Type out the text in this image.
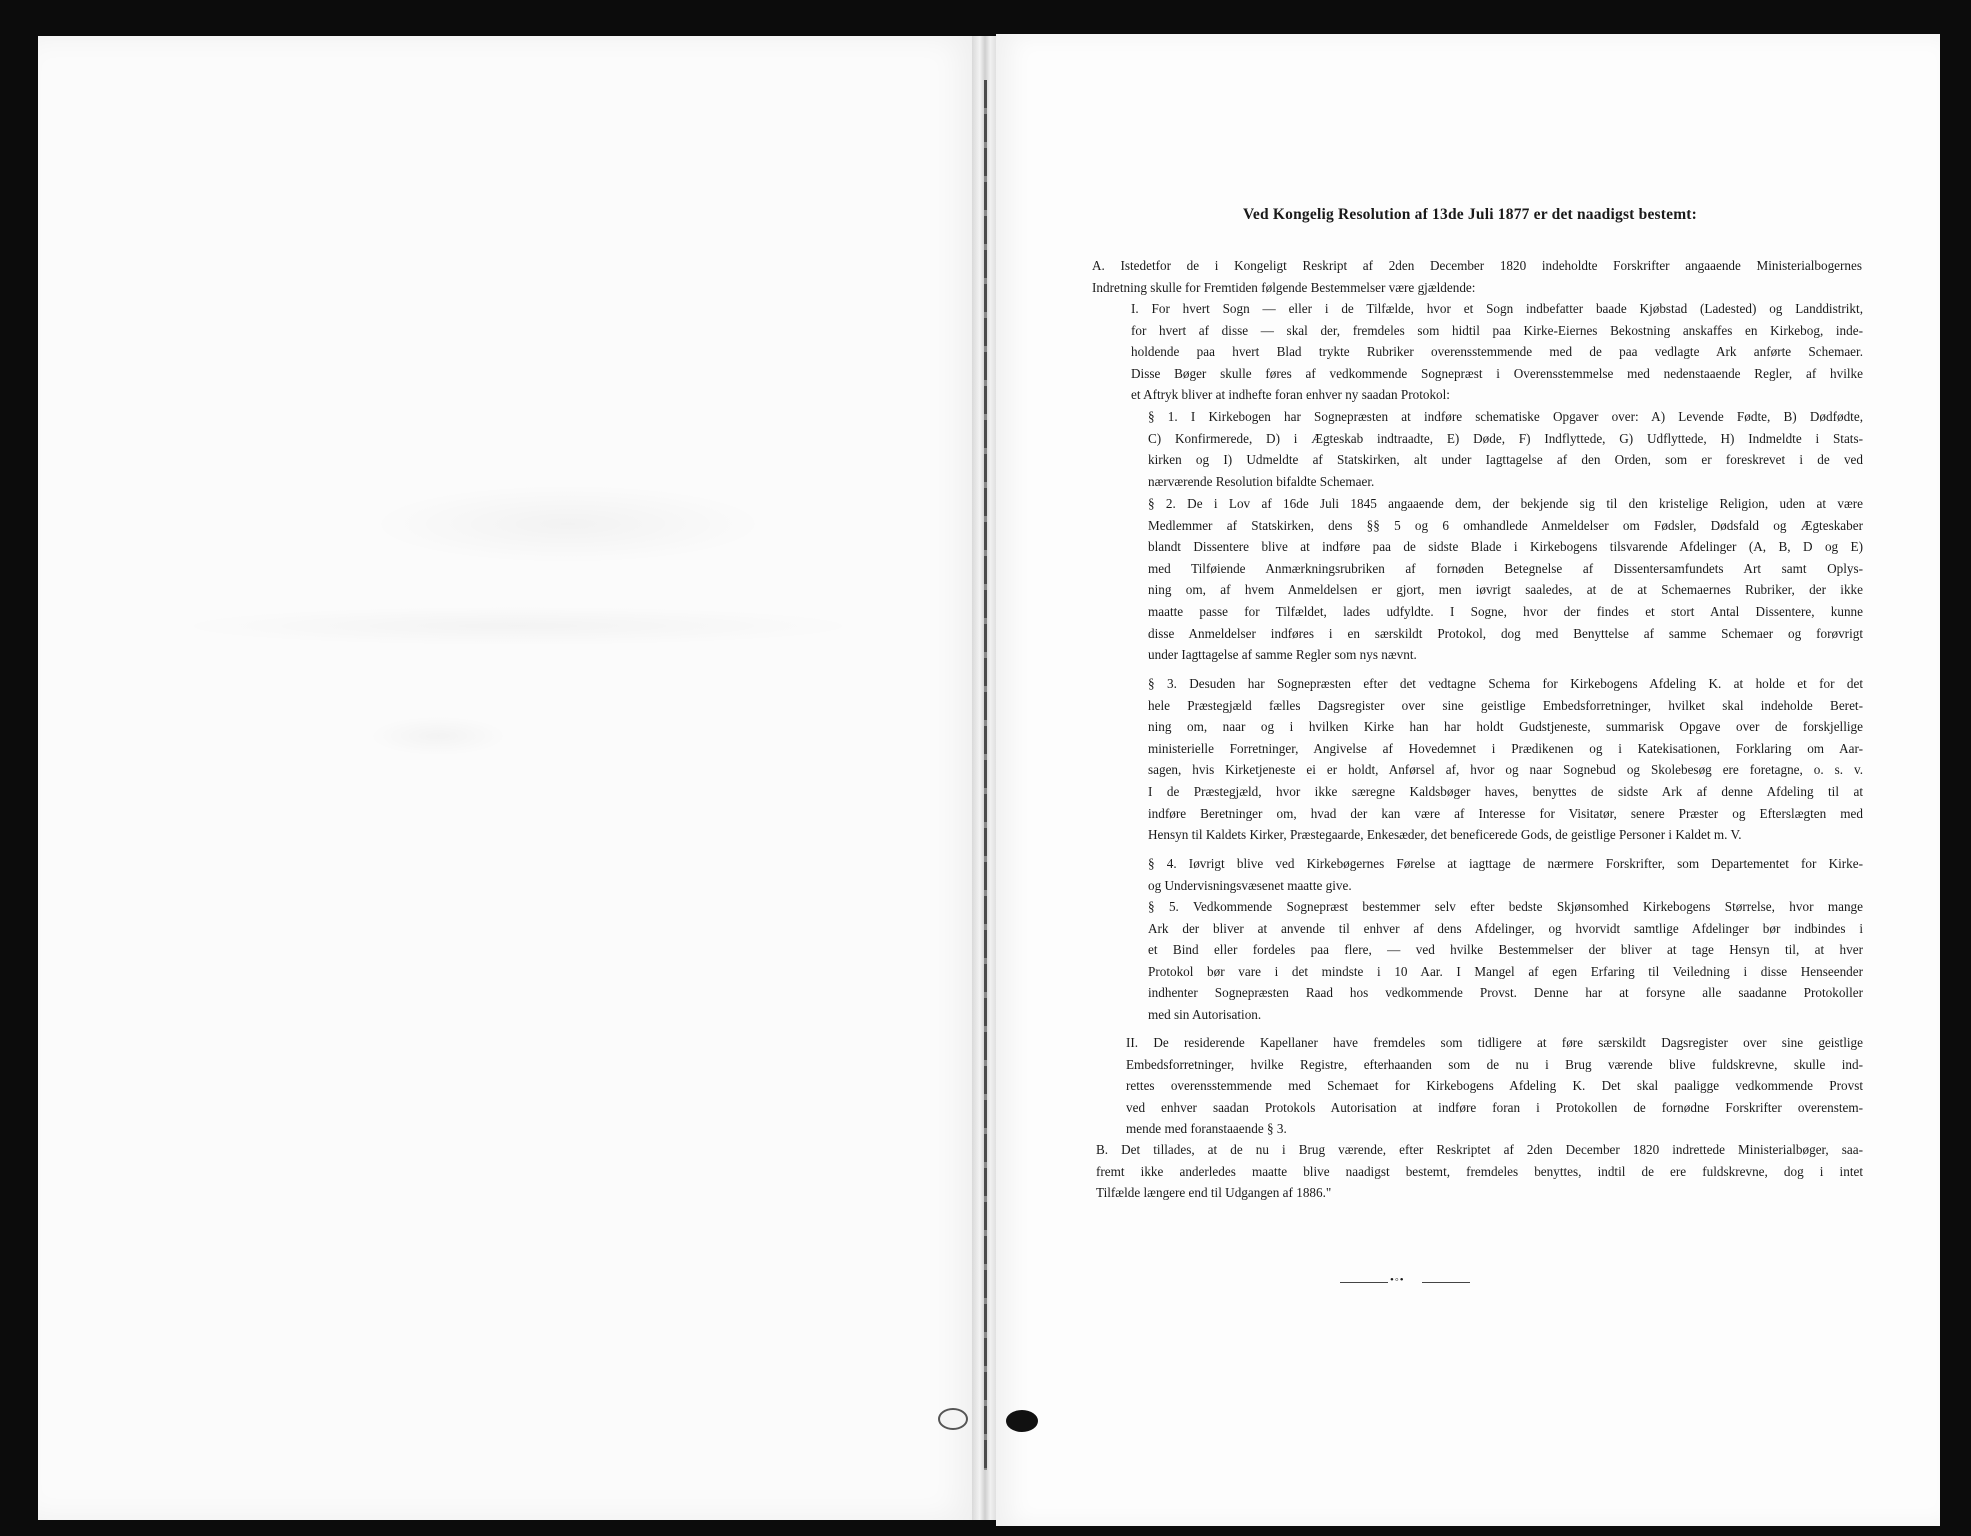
Ved Kongelig Resolution af 13de Juli 1877 er det naadigst bestemt:
A. Istedetfor de i Kongeligt Reskript af 2den December 1820 indeholdte Forskrifter angaaende Ministerialbogernes
Indretning skulle for Fremtiden følgende Bestemmelser være gjældende:
I. For hvert Sogn — eller i de Tilfælde, hvor et Sogn indbefatter baade Kjøbstad (Ladested) og Landdistrikt,
for hvert af disse — skal der, fremdeles som hidtil paa Kirke-Eiernes Bekostning anskaffes en Kirkebog, inde-
holdende paa hvert Blad trykte Rubriker overensstemmende med de paa vedlagte Ark anførte Schemaer.
Disse Bøger skulle føres af vedkommende Sognepræst i Overensstemmelse med nedenstaaende Regler, af hvilke
et Aftryk bliver at indhefte foran enhver ny saadan Protokol:
§ 1. I Kirkebogen har Sognepræsten at indføre schematiske Opgaver over: A) Levende Fødte, B) Dødfødte,
C) Konfirmerede, D) i Ægteskab indtraadte, E) Døde, F) Indflyttede, G) Udflyttede, H) Indmeldte i Stats-
kirken og I) Udmeldte af Statskirken, alt under Iagttagelse af den Orden, som er foreskrevet i de ved
nærværende Resolution bifaldte Schemaer.
§ 2. De i Lov af 16de Juli 1845 angaaende dem, der bekjende sig til den kristelige Religion, uden at være
Medlemmer af Statskirken, dens §§ 5 og 6 omhandlede Anmeldelser om Fødsler, Dødsfald og Ægteskaber
blandt Dissentere blive at indføre paa de sidste Blade i Kirkebogens tilsvarende Afdelinger (A, B, D og E)
med Tilføiende Anmærkningsrubriken af fornøden Betegnelse af Dissentersamfundets Art samt Oplys-
ning om, af hvem Anmeldelsen er gjort, men iøvrigt saaledes, at de at Schemaernes Rubriker, der ikke
maatte passe for Tilfældet, lades udfyldte. I Sogne, hvor der findes et stort Antal Dissentere, kunne
disse Anmeldelser indføres i en særskildt Protokol, dog med Benyttelse af samme Schemaer og forøvrigt
under Iagttagelse af samme Regler som nys nævnt.
§ 3. Desuden har Sognepræsten efter det vedtagne Schema for Kirkebogens Afdeling K. at holde et for det
hele Præstegjæld fælles Dagsregister over sine geistlige Embedsforretninger, hvilket skal indeholde Beret-
ning om, naar og i hvilken Kirke han har holdt Gudstjeneste, summarisk Opgave over de forskjellige
ministerielle Forretninger, Angivelse af Hovedemnet i Prædikenen og i Katekisationen, Forklaring om Aar-
sagen, hvis Kirketjeneste ei er holdt, Anførsel af, hvor og naar Sognebud og Skolebesøg ere foretagne, o. s. v.
I de Præstegjæld, hvor ikke særegne Kaldsbøger haves, benyttes de sidste Ark af denne Afdeling til at
indføre Beretninger om, hvad der kan være af Interesse for Visitatør, senere Præster og Efterslægten med
Hensyn til Kaldets Kirker, Præstegaarde, Enkesæder, det beneficerede Gods, de geistlige Personer i Kaldet m. V.
§ 4. Iøvrigt blive ved Kirkebøgernes Førelse at iagttage de nærmere Forskrifter, som Departementet for Kirke-
og Undervisningsvæsenet maatte give.
§ 5. Vedkommende Sognepræst bestemmer selv efter bedste Skjønsomhed Kirkebogens Størrelse, hvor mange
Ark der bliver at anvende til enhver af dens Afdelinger, og hvorvidt samtlige Afdelinger bør indbindes i
et Bind eller fordeles paa flere, — ved hvilke Bestemmelser der bliver at tage Hensyn til, at hver
Protokol bør vare i det mindste i 10 Aar. I Mangel af egen Erfaring til Veiledning i disse Henseender
indhenter Sognepræsten Raad hos vedkommende Provst. Denne har at forsyne alle saadanne Protokoller
med sin Autorisation.
II. De residerende Kapellaner have fremdeles som tidligere at føre særskildt Dagsregister over sine geistlige
Embedsforretninger, hvilke Registre, efterhaanden som de nu i Brug værende blive fuldskrevne, skulle ind-
rettes overensstemmende med Schemaet for Kirkebogens Afdeling K. Det skal paaligge vedkommende Provst
ved enhver saadan Protokols Autorisation at indføre foran i Protokollen de fornødne Forskrifter overenstem-
mende med foranstaaende § 3.
B. Det tillades, at de nu i Brug værende, efter Reskriptet af 2den December 1820 indrettede Ministerialbøger, saa-
fremt ikke anderledes maatte blive naadigst bestemt, fremdeles benyttes, indtil de ere fuldskrevne, dog i intet
Tilfælde længere end til Udgangen af 1886."
•◦•
